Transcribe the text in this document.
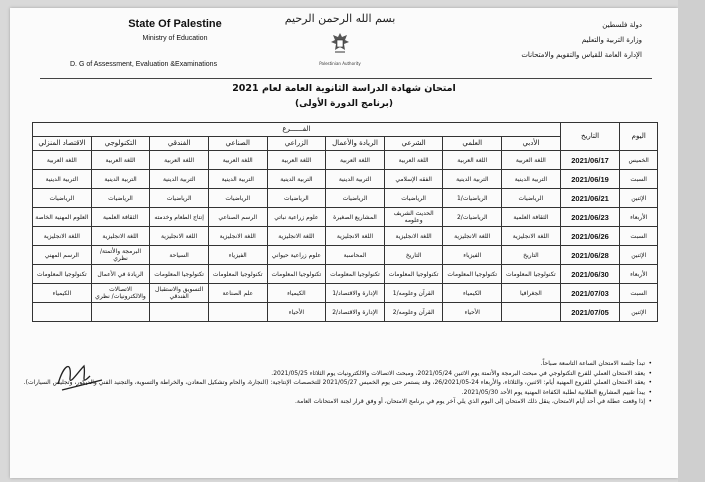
State Of Palestine
Ministry of Education
D. G of Assessment, Evaluation &Examinations
بسم الله الرحمن الرحيم
Palestinian Authority
دولة فلسطين
وزارة التربية والتعليم
الإدارة العامة للقياس والتقويم والامتحانات
امتحان شهادة الدراسة الثانوية العامة لعام 2021
(برنامج الدورة الأولى)
اليوم	التاريخ	الفــــــرع								
		الأدبي	العلمي	الشرعي	الريادة والأعمال	الزراعي	الصناعي	الفندقي	التكنولوجي	الاقتصاد المنزلي
الخميس	2021/06/17	اللغة العربية	اللغة العربية	اللغة العربية	اللغة العربية	اللغة العربية	اللغة العربية	اللغة العربية	اللغة العربية	اللغة العربية
السبت	2021/06/19	التربية الدينية	التربية الدينية	الفقه الإسلامي	التربية الدينية	التربية الدينية	التربية الدينية	التربية الدينية	التربية الدينية	التربية الدينية
الإثنين	2021/06/21	الرياضيات	الرياضيات/1	الرياضيات	الرياضيات	الرياضيات	الرياضيات	الرياضيات	الرياضيات	الرياضيات
الأربعاء	2021/06/23	الثقافة العلمية	الرياضيات/2	الحديث الشريف وعلومه	المشاريع الصغيرة	علوم زراعية نباتي	الرسم الصناعي	إنتاج الطعام وخدمته	الثقافة العلمية	العلوم المهنية الخاصة
السبت	2021/06/26	اللغة الانجليزية	اللغة الانجليزية	اللغة الانجليزية	اللغة الانجليزية	اللغة الانجليزية	اللغة الانجليزية	اللغة الانجليزية	اللغة الانجليزية	اللغة الانجليزية
الإثنين	2021/06/28	التاريخ	الفيزياء	التاريخ	المحاسبة	علوم زراعية حيواني	الفيزياء	السياحة	البرمجة والأتمتة/ نظري	الرسم المهني
الأربعاء	2021/06/30	تكنولوجيا المعلومات	تكنولوجيا المعلومات	تكنولوجيا المعلومات	تكنولوجيا المعلومات	تكنولوجيا المعلومات	تكنولوجيا المعلومات	تكنولوجيا المعلومات	الريادة في الأعمال	تكنولوجيا المعلومات
السبت	2021/07/03	الجغرافيا	الكيمياء	القرآن وعلومه/1	الإدارة والاقتصاد/1	الكيمياء	علم الصناعة	التسويق والاستقبال الفندقي	الاتصالات والالكترونيات/ نظري	الكيمياء
الإثنين	2021/07/05		الأحياء	القرآن وعلومه/2	الإدارة والاقتصاد/2	الأحياء				
• تبدأ جلسة الامتحان الساعة التاسعة صباحاً.
• يعقد الامتحان العملي للفرع التكنولوجي في مبحث البرمجة والأتمتة يوم الاثنين 2021/05/24، ومبحث الاتصالات والالكترونيات يوم الثلاثاء 2021/05/25.
• يعقد الامتحان العملي للفروع المهنية أيام: الاثنين، والثلاثاء، والأربعاء 24-26/2021/05، وقد يستمر حتى يوم الخميس 2021/05/27 للتخصصات الإنتاجية: (النجارة، والحام وتشكيل المعادن، والخراطة والتسوية، والتجنيد الفني والديكور، وتجليس السيارات).
• يبدأ تقييم المشاريع الطلابية لطلبة الكفاءة المهنية يوم الأحد 2021/05/30.
• إذا وقعت عطلة في أحد أيام الامتحان، ينقل ذلك الامتحان إلى اليوم الذي يلي آخر يوم في برنامج الامتحان، أو وفق قرار لجنة الامتحانات العامة.
